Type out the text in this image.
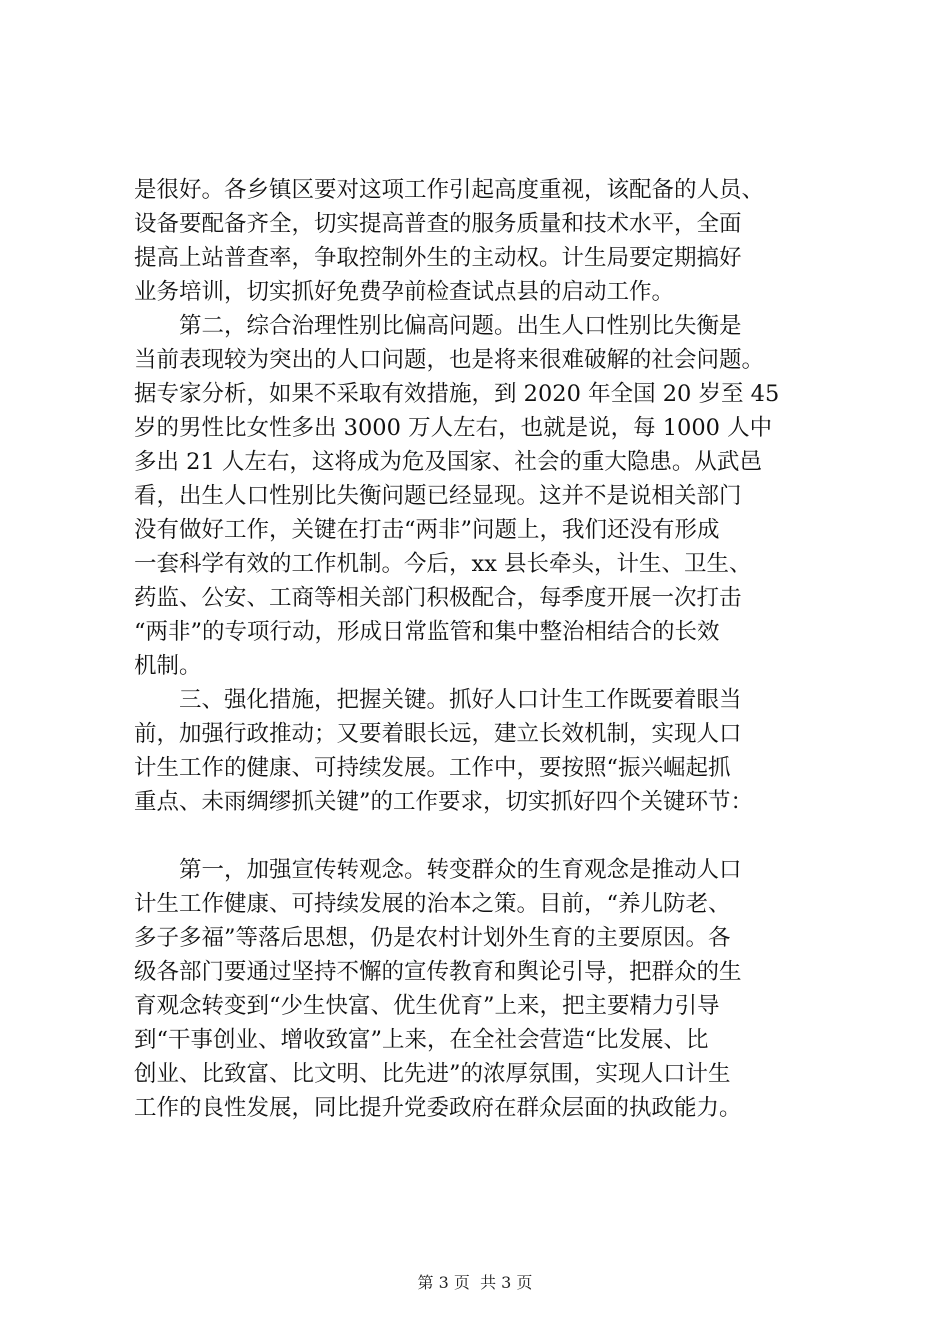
是很好。各乡镇区要对这项工作引起高度重视，该配备的人员、
设备要配备齐全，切实提高普查的服务质量和技术水平，全面
提高上站普查率，争取控制外生的主动权。计生局要定期搞好
业务培训，切实抓好免费孕前检查试点县的启动工作。
　　第二，综合治理性别比偏高问题。出生人口性别比失衡是
当前表现较为突出的人口问题，也是将来很难破解的社会问题。
据专家分析，如果不采取有效措施，到 2020 年全国 20 岁至 45
岁的男性比女性多出 3000 万人左右，也就是说，每 1000 人中
多出 21 人左右，这将成为危及国家、社会的重大隐患。从武邑
看，出生人口性别比失衡问题已经显现。这并不是说相关部门
没有做好工作，关键在打击“两非”问题上，我们还没有形成
一套科学有效的工作机制。今后，xx 县长牵头，计生、卫生、
药监、公安、工商等相关部门积极配合，每季度开展一次打击
“两非”的专项行动，形成日常监管和集中整治相结合的长效
机制。
　　三、强化措施，把握关键。抓好人口计生工作既要着眼当
前，加强行政推动；又要着眼长远，建立长效机制，实现人口
计生工作的健康、可持续发展。工作中，要按照“振兴崛起抓
重点、未雨绸缪抓关键”的工作要求，切实抓好四个关键环节：
　　第一，加强宣传转观念。转变群众的生育观念是推动人口
计生工作健康、可持续发展的治本之策。目前，“养儿防老、
多子多福”等落后思想，仍是农村计划外生育的主要原因。各
级各部门要通过坚持不懈的宣传教育和舆论引导，把群众的生
育观念转变到“少生快富、优生优育”上来，把主要精力引导
到“干事创业、增收致富”上来，在全社会营造“比发展、比
创业、比致富、比文明、比先进”的浓厚氛围，实现人口计生
工作的良性发展，同比提升党委政府在群众层面的执政能力。
第 3 页  共 3 页
